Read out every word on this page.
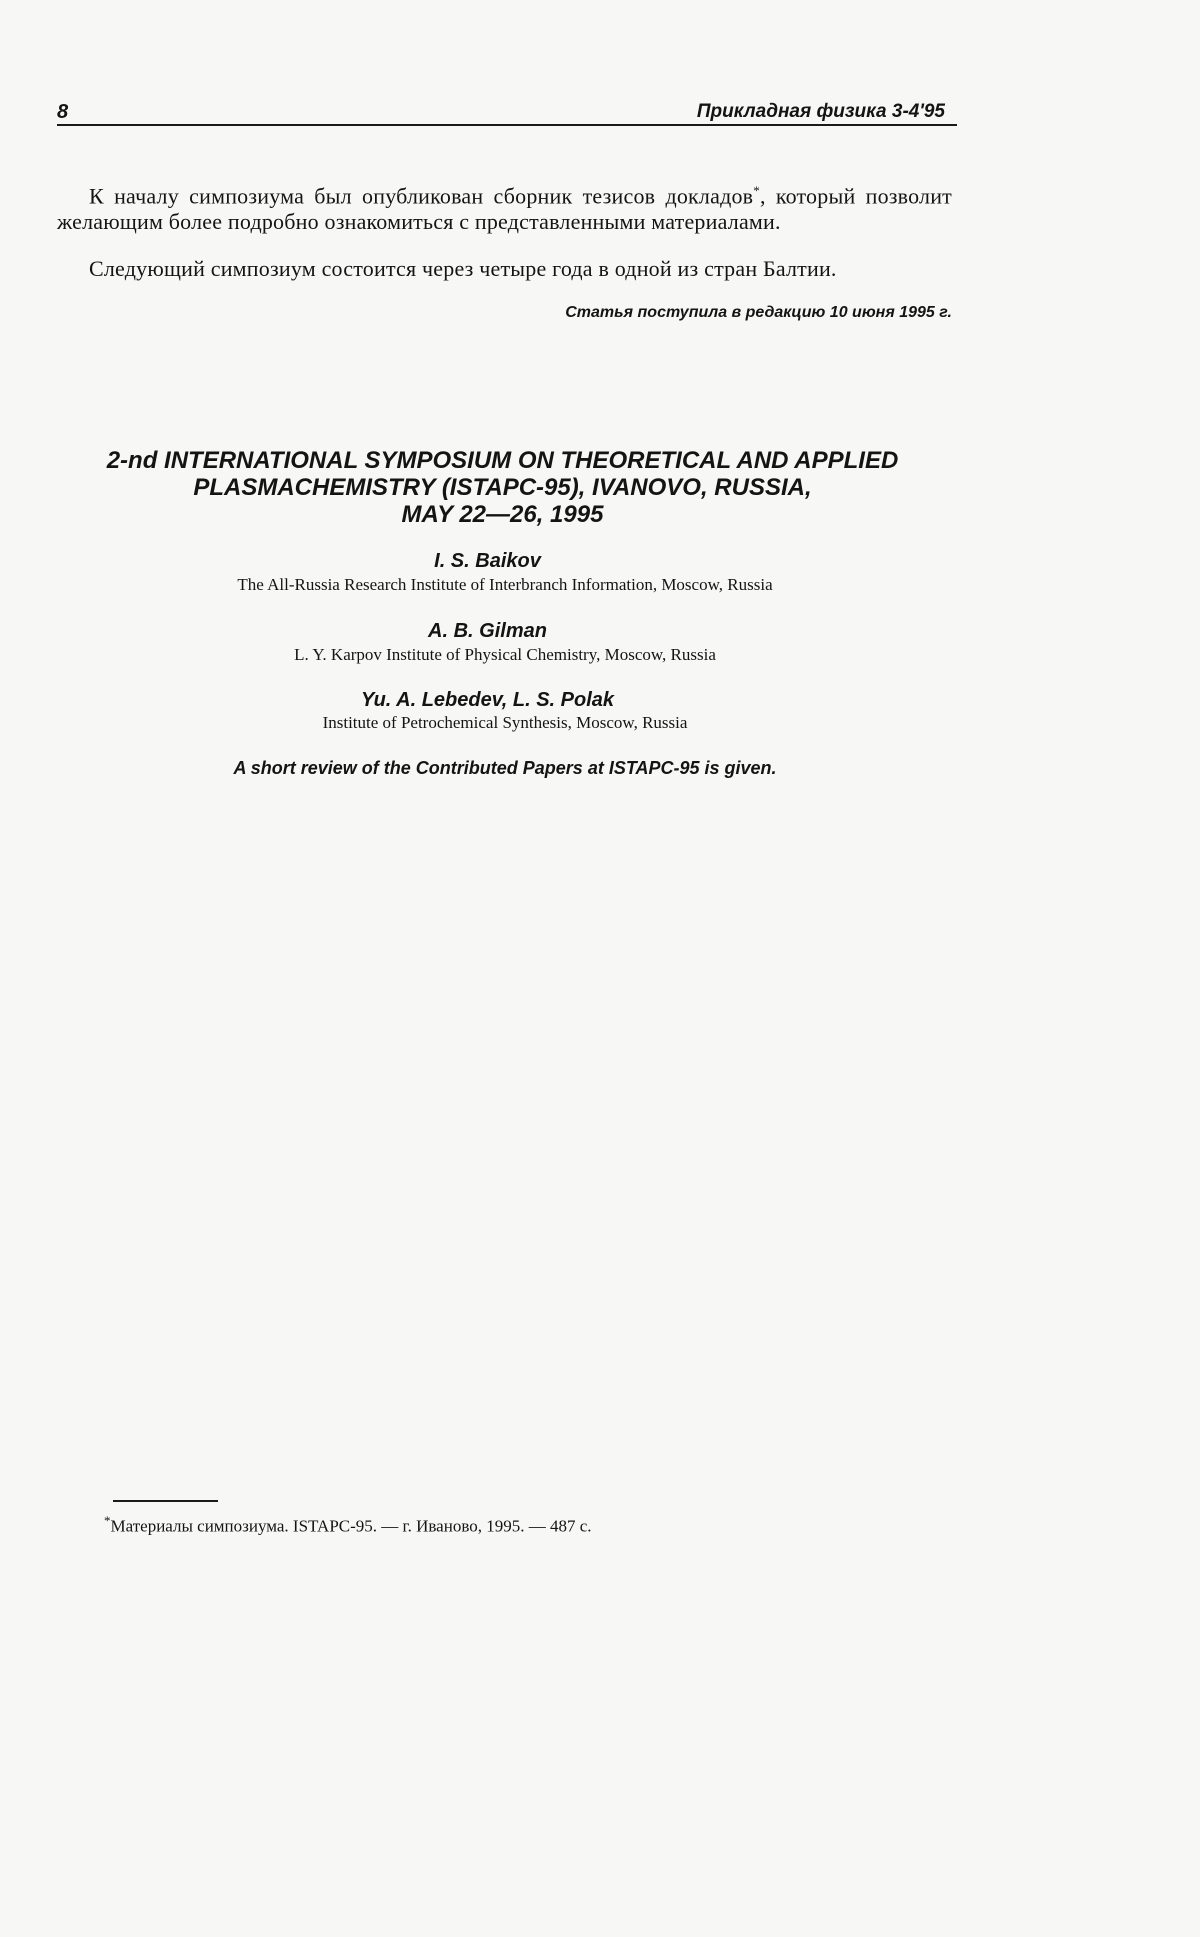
8	Прикладная физика 3-4'95
К началу симпозиума был опубликован сборник тезисов докладов*, который позволит желающим более подробно ознакомиться с представленными материалами.
Следующий симпозиум состоится через четыре года в одной из стран Балтии.
Статья поступила в редакцию 10 июня 1995 г.
2-nd INTERNATIONAL SYMPOSIUM ON THEORETICAL AND APPLIED
PLASMACHEMISTRY (ISTAPC-95), IVANOVO, RUSSIA,
MAY 22—26, 1995
I. S. Baikov
The All-Russia Research Institute of Interbranch Information, Moscow, Russia
A. B. Gilman
L. Y. Karpov Institute of Physical Chemistry, Moscow, Russia
Yu. A. Lebedev, L. S. Polak
Institute of Petrochemical Synthesis, Moscow, Russia
A short review of the Contributed Papers at ISTAPC-95 is given.
*Материалы симпозиума. ISTAPC-95. — г. Иваново, 1995. — 487 с.
